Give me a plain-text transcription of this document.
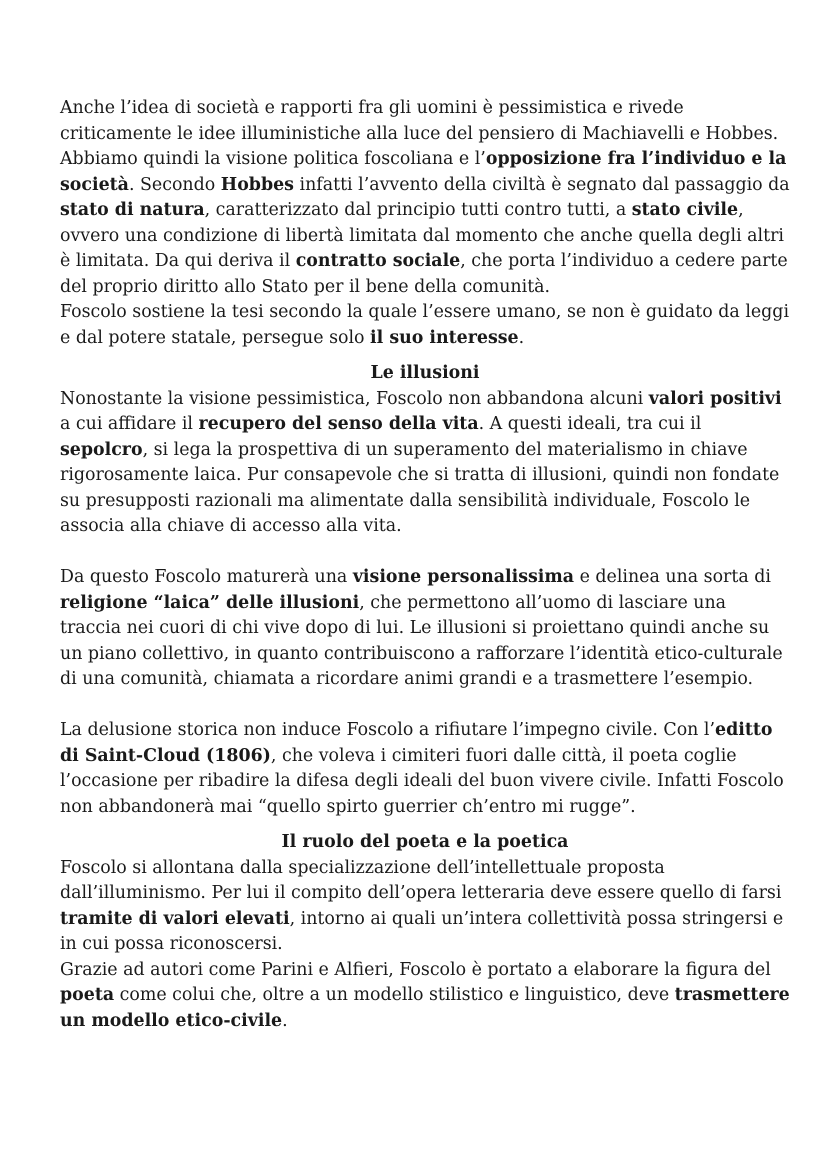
Anche l’idea di società e rapporti fra gli uomini è pessimistica e rivede criticamente le idee illuministiche alla luce del pensiero di Machiavelli e Hobbes. Abbiamo quindi la visione politica foscoliana e l’opposizione fra l’individuo e la società. Secondo Hobbes infatti l’avvento della civiltà è segnato dal passaggio da stato di natura, caratterizzato dal principio tutti contro tutti, a stato civile, ovvero una condizione di libertà limitata dal momento che anche quella degli altri è limitata. Da qui deriva il contratto sociale, che porta l’individuo a cedere parte del proprio diritto allo Stato per il bene della comunità.

Foscolo sostiene la tesi secondo la quale l’essere umano, se non è guidato da leggi e dal potere statale, persegue solo il suo interesse.

Le illusioni

Nonostante la visione pessimistica, Foscolo non abbandona alcuni valori positivi a cui affidare il recupero del senso della vita. A questi ideali, tra cui il sepolcro, si lega la prospettiva di un superamento del materialismo in chiave rigorosamente laica. Pur consapevole che si tratta di illusioni, quindi non fondate su presupposti razionali ma alimentate dalla sensibilità individuale, Foscolo le associa alla chiave di accesso alla vita.

Da questo Foscolo maturerà una visione personalissima e delinea una sorta di religione “laica” delle illusioni, che permettono all’uomo di lasciare una traccia nei cuori di chi vive dopo di lui. Le illusioni si proiettano quindi anche su un piano collettivo, in quanto contribuiscono a rafforzare l’identità etico-culturale di una comunità, chiamata a ricordare animi grandi e a trasmettere l’esempio.

La delusione storica non induce Foscolo a rifiutare l’impegno civile. Con l’editto di Saint-Cloud (1806), che voleva i cimiteri fuori dalle città, il poeta coglie l’occasione per ribadire la difesa degli ideali del buon vivere civile. Infatti Foscolo non abbandonerà mai “quello spirto guerrier ch’entro mi rugge”.

Il ruolo del poeta e la poetica

Foscolo si allontana dalla specializzazione dell’intellettuale proposta dall’illuminismo. Per lui il compito dell’opera letteraria deve essere quello di farsi tramite di valori elevati, intorno ai quali un’intera collettività possa stringersi e in cui possa riconoscersi.

Grazie ad autori come Parini e Alfieri, Foscolo è portato a elaborare la figura del poeta come colui che, oltre a un modello stilistico e linguistico, deve trasmettere un modello etico-civile.
